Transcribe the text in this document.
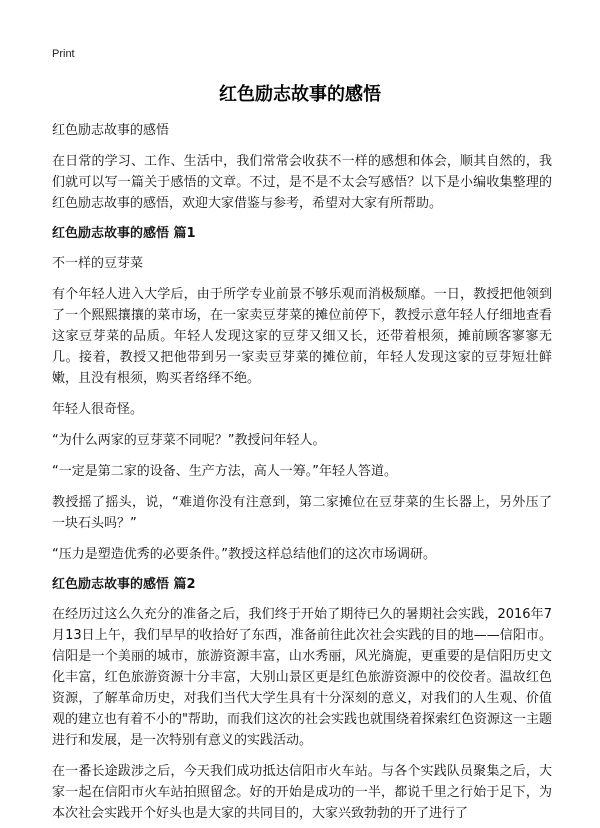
Print
红色励志故事的感悟

红色励志故事的感悟

在日常的学习、工作、生活中，我们常常会收获不一样的感想和体会，顺其自然的，我们就可以写一篇关于感悟的文章。不过，是不是不太会写感悟？以下是小编收集整理的红色励志故事的感悟，欢迎大家借鉴与参考，希望对大家有所帮助。

红色励志故事的感悟 篇1

不一样的豆芽菜

有个年轻人进入大学后，由于所学专业前景不够乐观而消极颓靡。一日，教授把他领到了一个熙熙攘攘的菜市场，在一家卖豆芽菜的摊位前停下，教授示意年轻人仔细地查看这家豆芽菜的品质。年轻人发现这家的豆芽又细又长，还带着根须，摊前顾客寥寥无几。接着，教授又把他带到另一家卖豆芽菜的摊位前，年轻人发现这家的豆芽短壮鲜嫩，且没有根须，购买者络绎不绝。

年轻人很奇怪。

“为什么两家的豆芽菜不同呢？”教授问年轻人。

“一定是第二家的设备、生产方法，高人一筹。”年轻人答道。

教授摇了摇头，说，“难道你没有注意到，第二家摊位在豆芽菜的生长器上，另外压了一块石头吗？”

“压力是塑造优秀的必要条件。”教授这样总结他们的这次市场调研。

红色励志故事的感悟 篇2

在经历过这么久充分的准备之后，我们终于开始了期待已久的暑期社会实践，2016年7月13日上午，我们早早的收拾好了东西，准备前往此次社会实践的目的地——信阳市。信阳是一个美丽的城市，旅游资源丰富，山水秀丽，风光旖旎，更重要的是信阳历史文化丰富，红色旅游资源十分丰富，大别山景区更是红色旅游资源中的佼佼者。温故红色资源，了解革命历史，对我们当代大学生具有十分深刻的意义，对我们的人生观、价值观的建立也有着不小的"帮助，而我们这次的社会实践也就围绕着探索红色资源这一主题进行和发展，是一次特别有意义的实践活动。

在一番长途跋涉之后，今天我们成功抵达信阳市火车站。与各个实践队员聚集之后，大家一起在信阳市火车站拍照留念。好的开始是成功的一半，都说千里之行始于足下，为本次社会实践开个好头也是大家的共同目的，大家兴致勃勃的开了进行了
